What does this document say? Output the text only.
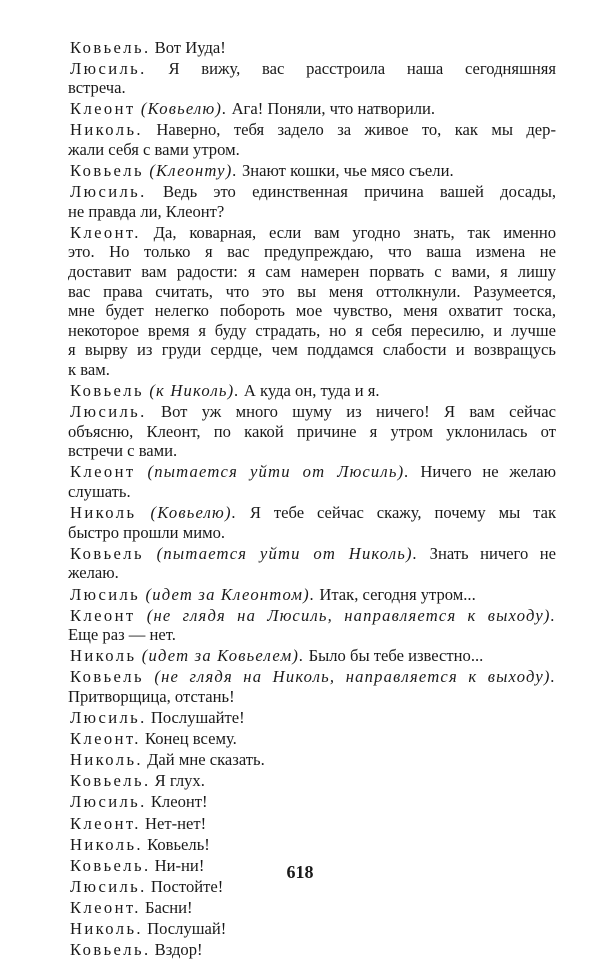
Ковьель. Вот Иуда!
Люсиль. Я вижу, вас расстроила наша сегодняшняя
встреча.
Клеонт (Ковьелю). Ага! Поняли, что натворили.
Николь. Наверно, тебя задело за живое то, как мы дер-
жали себя с вами утром.
Ковьель (Клеонту). Знают кошки, чье мясо съели.
Люсиль. Ведь это единственная причина вашей досады,
не правда ли, Клеонт?
Клеонт. Да, коварная, если вам угодно знать, так именно
это. Но только я вас предупреждаю, что ваша измена не
доставит вам радости: я сам намерен порвать с вами, я лишу
вас права считать, что это вы меня оттолкнули. Разумеется,
мне будет нелегко побороть мое чувство, меня охватит тоска,
некоторое время я буду страдать, но я себя пересилю, и лучше
я вырву из груди сердце, чем поддамся слабости и возвращусь
к вам.
Ковьель (к Николь). А куда он, туда и я.
Люсиль. Вот уж много шуму из ничего! Я вам сейчас
объясню, Клеонт, по какой причине я утром уклонилась от
встречи с вами.
Клеонт (пытается уйти от Люсиль). Ничего не желаю
слушать.
Николь (Ковьелю). Я тебе сейчас скажу, почему мы так
быстро прошли мимо.
Ковьель (пытается уйти от Николь). Знать ничего не
желаю.
Люсиль (идет за Клеонтом). Итак, сегодня утром...
Клеонт (не глядя на Люсиль, направляется к выходу).
Еще раз — нет.
Николь (идет за Ковьелем). Было бы тебе известно...
Ковьель (не глядя на Николь, направляется к выходу).
Притворщица, отстань!
Люсиль. Послушайте!
Клеонт. Конец всему.
Николь. Дай мне сказать.
Ковьель. Я глух.
Люсиль. Клеонт!
Клеонт. Нет-нет!
Николь. Ковьель!
Ковьель. Ни-ни!
Люсиль. Постойте!
Клеонт. Басни!
Николь. Послушай!
Ковьель. Вздор!
618
